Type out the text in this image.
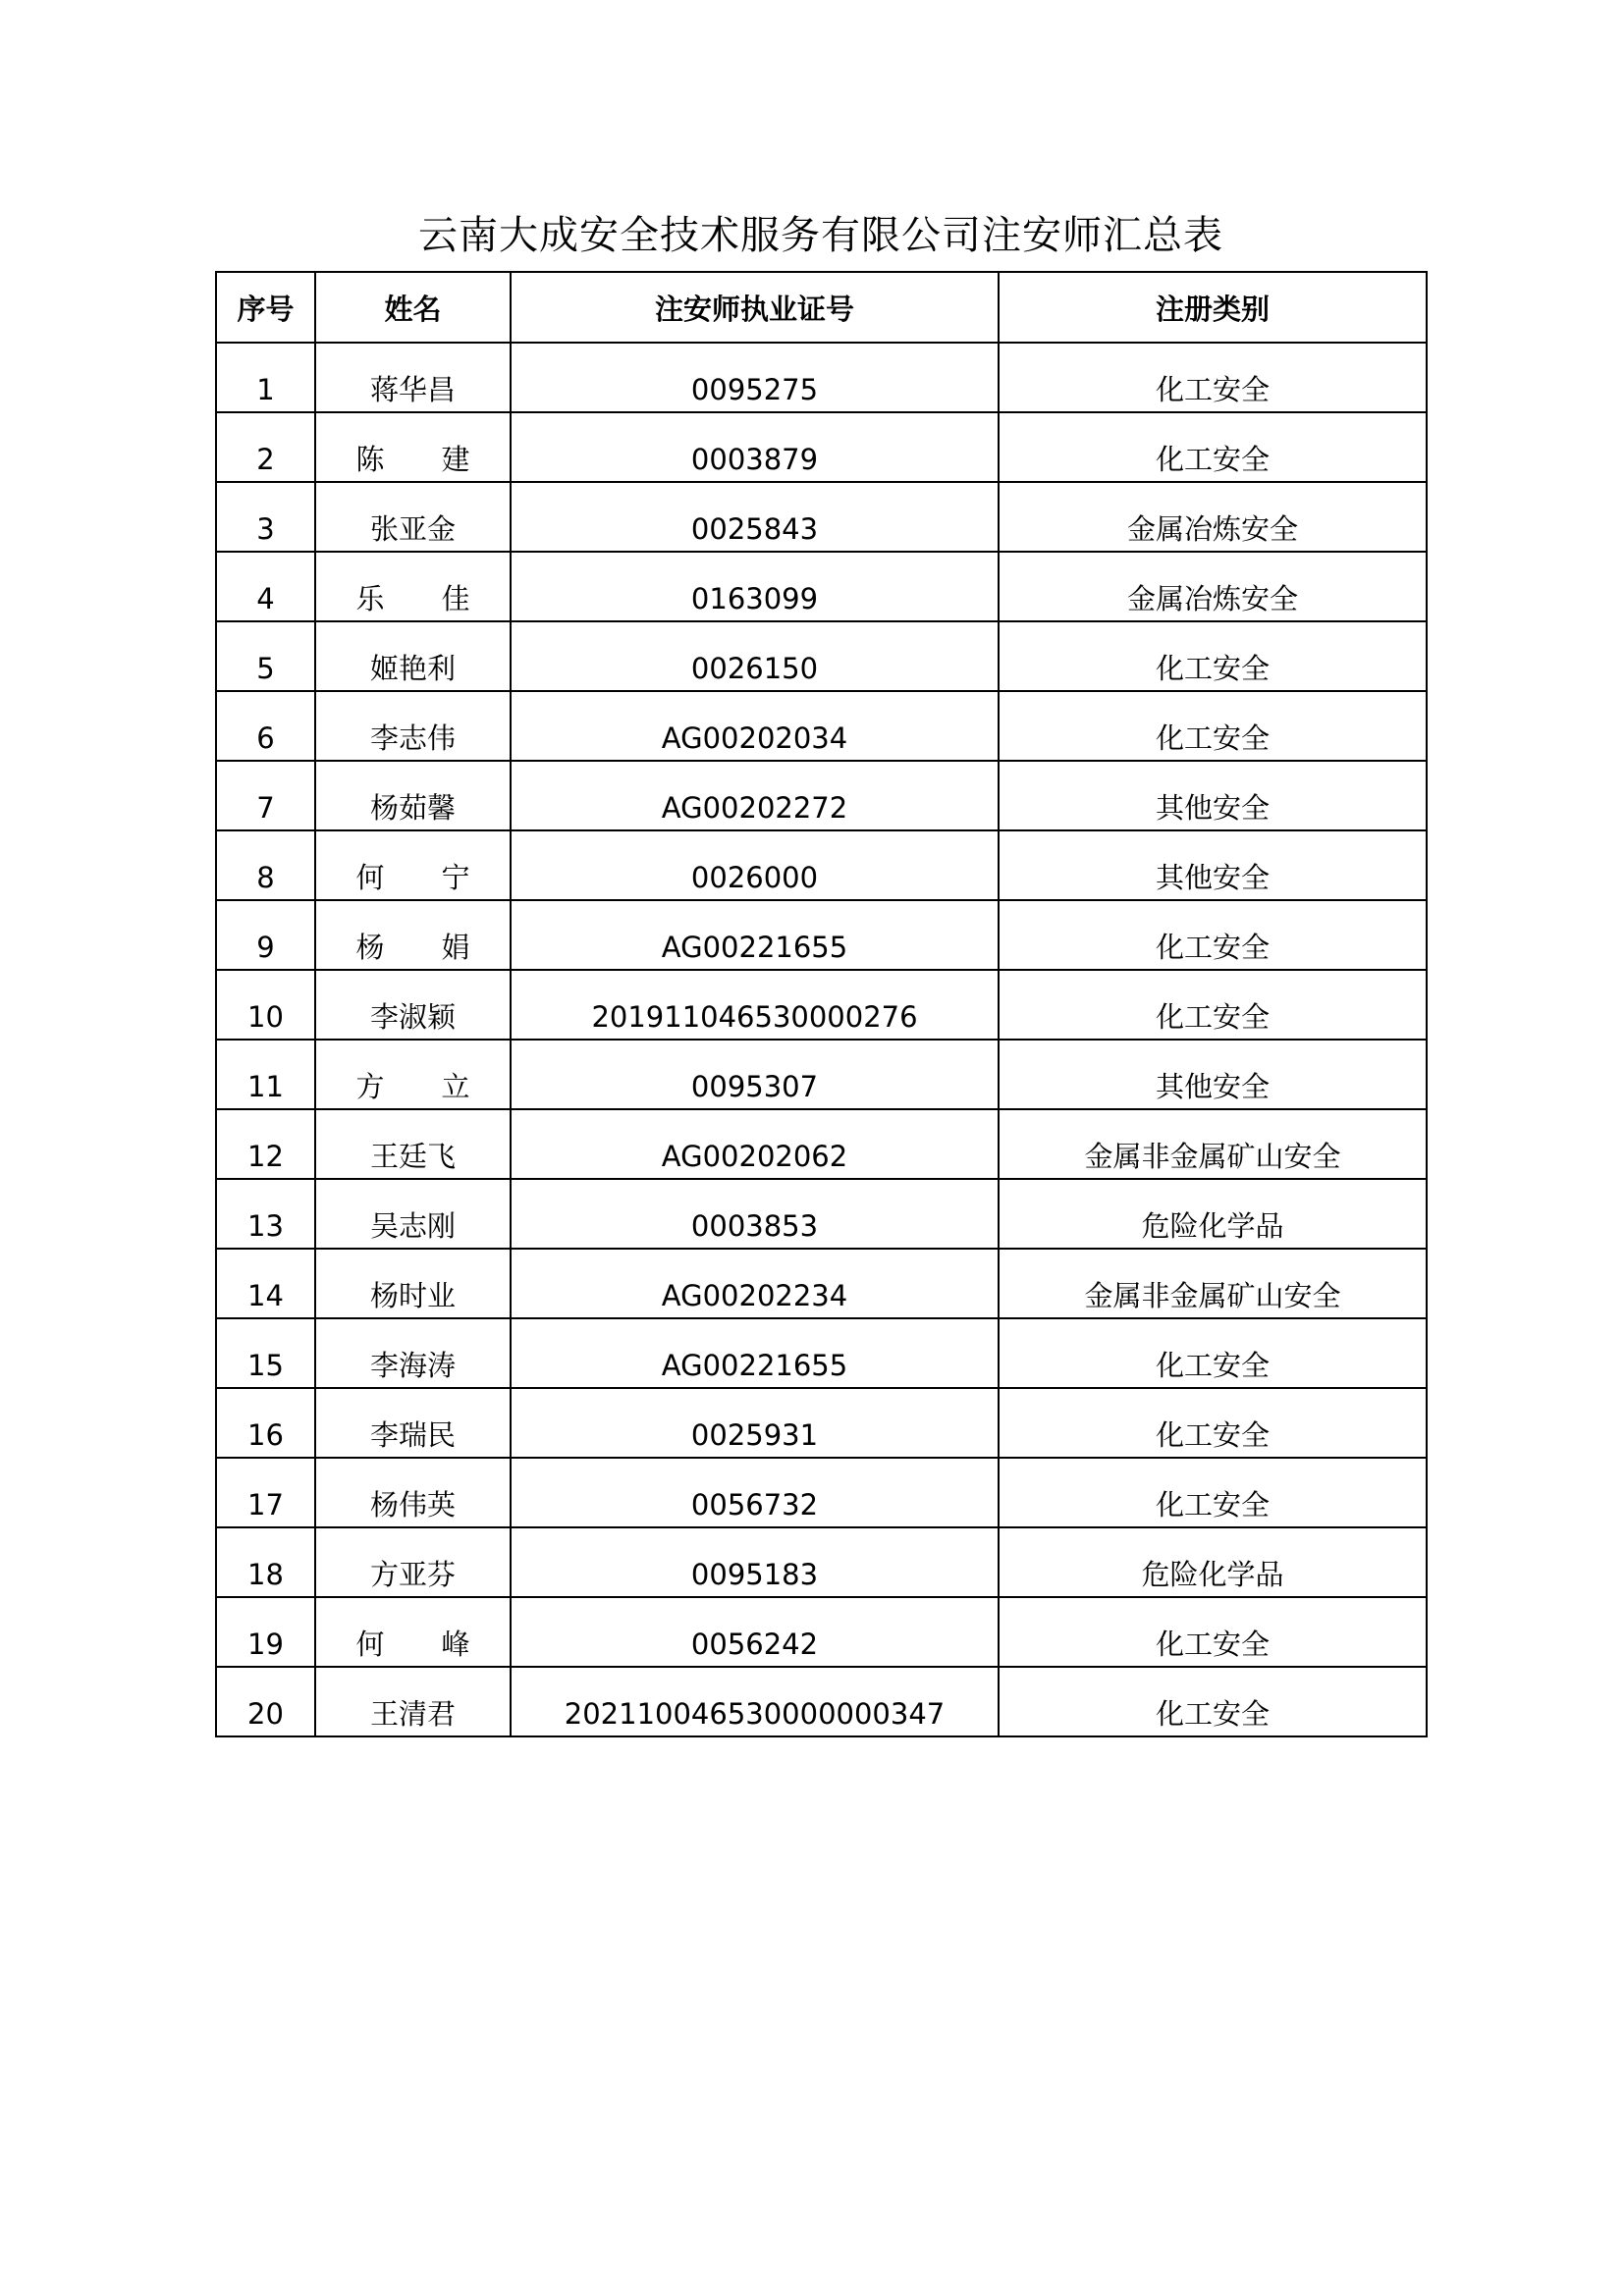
云南大成安全技术服务有限公司注安师汇总表
序号	姓名	注安师执业证号	注册类别
1	蒋华昌	0095275	化工安全
2	陈　　建	0003879	化工安全
3	张亚金	0025843	金属冶炼安全
4	乐　　佳	0163099	金属冶炼安全
5	姬艳利	0026150	化工安全
6	李志伟	AG00202034	化工安全
7	杨茹馨	AG00202272	其他安全
8	何　　宁	0026000	其他安全
9	杨　　娟	AG00221655	化工安全
10	李淑颖	201911046530000276	化工安全
11	方　　立	0095307	其他安全
12	王廷飞	AG00202062	金属非金属矿山安全
13	吴志刚	0003853	危险化学品
14	杨时业	AG00202234	金属非金属矿山安全
15	李海涛	AG00221655	化工安全
16	李瑞民	0025931	化工安全
17	杨伟英	0056732	化工安全
18	方亚芬	0095183	危险化学品
19	何　　峰	0056242	化工安全
20	王清君	202110046530000000347	化工安全
